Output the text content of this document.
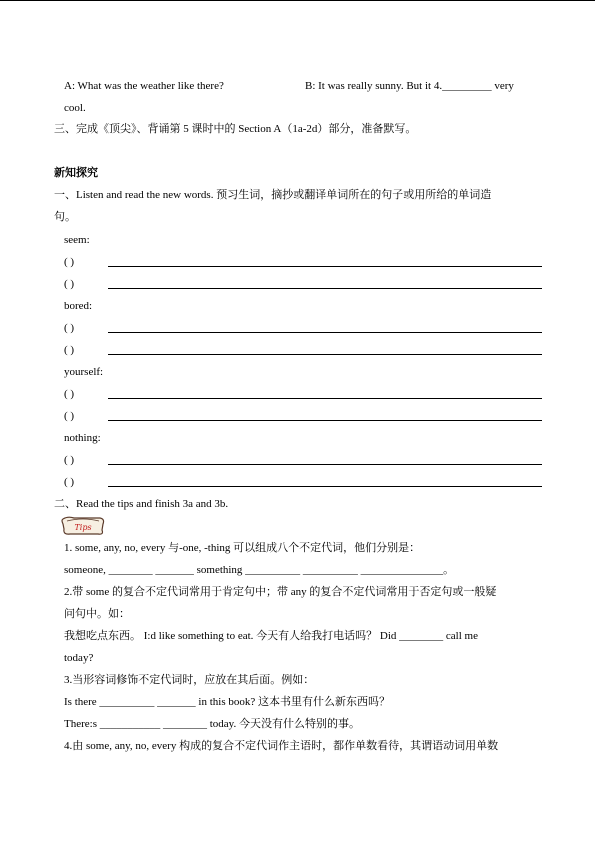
A: What was the weather like there?	B: It was really sunny. But it 4._________ very
cool.
三、完成《顶尖》、背诵第 5 课时中的 Section A（1a-2d）部分，准备默写。
新知探究
一、Listen and read the new words. 预习生词，摘抄或翻译单词所在的句子或用所给的单词造
句。
seem:
( )
( )
bored:
( )
( )
yourself:
( )
( )
nothing:
( )
( )
二、Read the tips and finish 3a and 3b.
Tips
1. some, any, no, every 与-one, -thing 可以组成八个不定代词，他们分别是：
someone, ________ _______ something __________ __________ _______________。
2.带 some 的复合不定代词常用于肯定句中；带 any 的复合不定代词常用于否定句或一般疑
问句中。如：
我想吃点东西。 I:d like something to eat. 今天有人给我打电话吗？ Did ________ call me
today?
3.当形容词修饰不定代词时，应放在其后面。例如：
Is there __________ _______ in this book? 这本书里有什么新东西吗？
There:s ___________ ________ today. 今天没有什么特别的事。
4.由 some, any, no, every 构成的复合不定代词作主语时，都作单数看待，其谓语动词用单数
